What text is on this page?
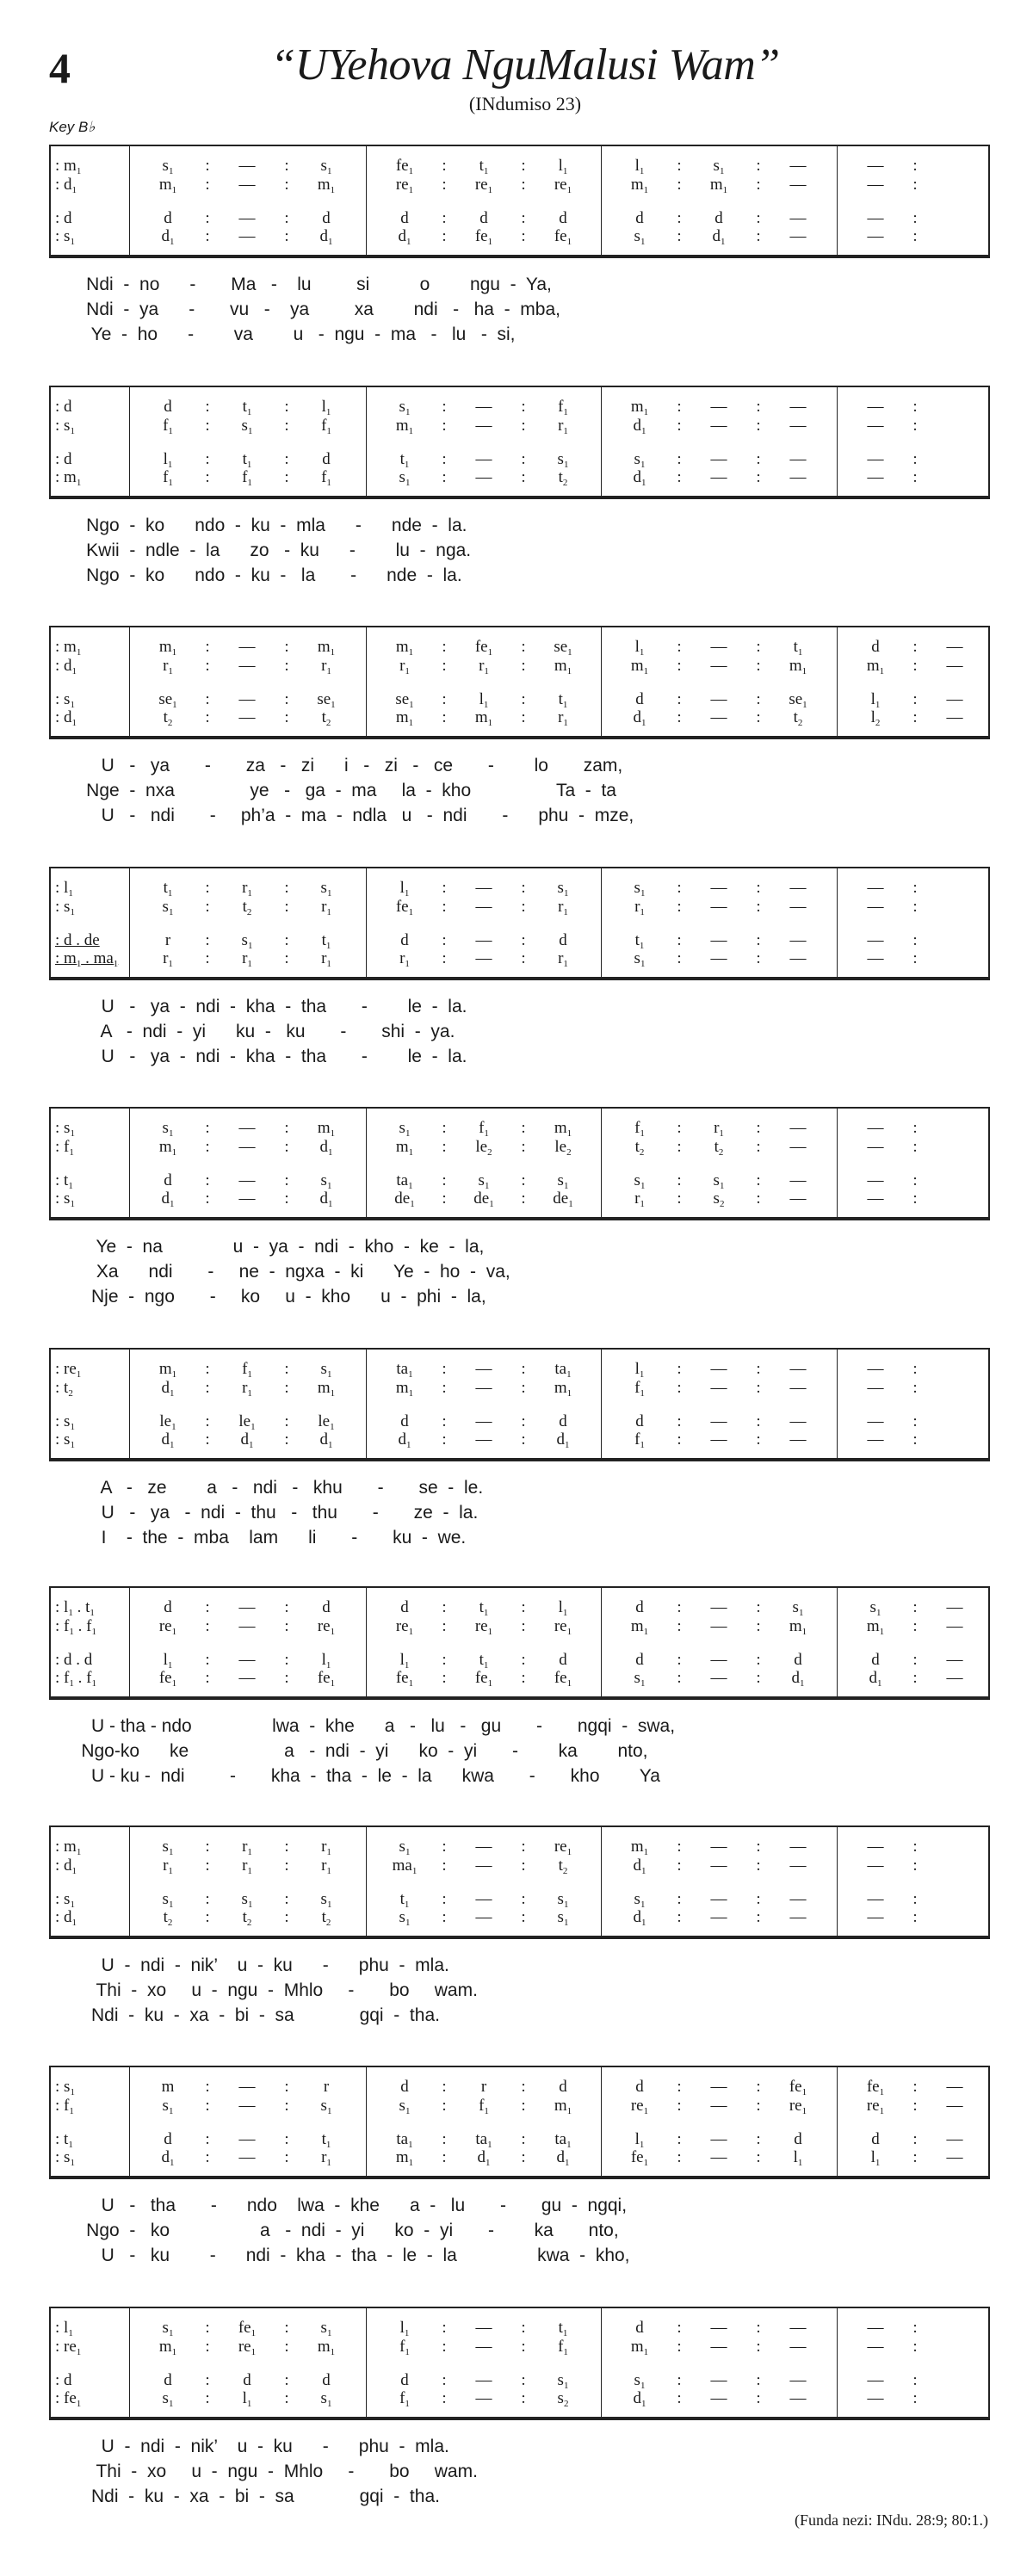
4	“UYehova NguMalusi Wam”
(INdumiso 23)
Key B♭
: $m_1$	$s_1$	:	—	:	$s_1$	$fe_1$	:	$t_1$	:	$l_1$	$l_1$	:	$s_1$	:	—	—	:
: $d_1$	$m_1$	:	—	:	$m_1$	$re_1$	:	$re_1$	:	$re_1$	$m_1$	:	$m_1$	:	—	—	:
: d	d	:	—	:	d	d	:	d	:	d	d	:	d	:	—	—	:
: $s_1$	$d_1$	:	—	:	$d_1$	$d_1$	:	$fe_1$	:	$fe_1$	$s_1$	:	$d_1$	:	—	—	:
Ndi  -  no      -       Ma   -    lu         si          o        ngu  -  Ya,
Ndi  -  ya      -       vu   -    ya         xa        ndi   -   ha  -  mba,
Ye  -  ho      -        va        u   -  ngu  -  ma   -   lu   -  si,
: d	d	:	$t_1$	:	$l_1$	$s_1$	:	—	:	$f_1$	$m_1$	:	—	:	—	—	:
: $s_1$	$f_1$	:	$s_1$	:	$f_1$	$m_1$	:	—	:	$r_1$	$d_1$	:	—	:	—	—	:
: d	$l_1$	:	$t_1$	:	d	$t_1$	:	—	:	$s_1$	$s_1$	:	—	:	—	—	:
: $m_1$	$f_1$	:	$f_1$	:	$f_1$	$s_1$	:	—	:	$t_2$	$d_1$	:	—	:	—	—	:
Ngo  -  ko      ndo  -  ku  -  mla      -      nde  -  la.
Kwii  -  ndle  -  la      zo   -  ku      -        lu  -  nga.
Ngo  -  ko      ndo  -  ku  -   la       -      nde  -  la.
: $m_1$	$m_1$	:	—	:	$m_1$	$m_1$	:	$fe_1$	:	$se_1$	$l_1$	:	—	:	$t_1$	d	:	—
: $d_1$	$r_1$	:	—	:	$r_1$	$r_1$	:	$r_1$	:	$m_1$	$m_1$	:	—	:	$m_1$	$m_1$	:	—
: $s_1$	$se_1$	:	—	:	$se_1$	$se_1$	:	$l_1$	:	$t_1$	d	:	—	:	$se_1$	$l_1$	:	—
: $d_1$	$t_2$	:	—	:	$t_2$	$m_1$	:	$m_1$	:	$r_1$	$d_1$	:	—	:	$t_2$	$l_2$	:	—
U   -   ya       -       za   -   zi      i   -   zi   -   ce       -        lo       zam,
Nge  -  nxa               ye   -   ga  -  ma     la  -  kho                 Ta  -  ta
U   -   ndi       -     ph’a  -  ma  -  ndla   u   -  ndi       -      phu  -  mze,
: $l_1$	$t_1$	:	$r_1$	:	$s_1$	$l_1$	:	—	:	$s_1$	$s_1$	:	—	:	—	—	:
: $s_1$	$s_1$	:	$t_2$	:	$r_1$	$fe_1$	:	—	:	$r_1$	$r_1$	:	—	:	—	—	:
: d . de	r	:	$s_1$	:	$t_1$	d	:	—	:	d	$t_1$	:	—	:	—	—	:
: $m_1$ . $ma_1$	$r_1$	:	$r_1$	:	$r_1$	$r_1$	:	—	:	$r_1$	$s_1$	:	—	:	—	—	:
U   -   ya  -  ndi  -  kha  -  tha       -        le  -  la.
A   -  ndi  -  yi      ku  -   ku       -       shi  -  ya.
U   -   ya  -  ndi  -  kha  -  tha       -        le  -  la.
: $s_1$	$s_1$	:	—	:	$m_1$	$s_1$	:	$f_1$	:	$m_1$	$f_1$	:	$r_1$	:	—	—	:
: $f_1$	$m_1$	:	—	:	$d_1$	$m_1$	:	$le_2$	:	$le_2$	$t_2$	:	$t_2$	:	—	—	:
: $t_1$	d	:	—	:	$s_1$	$ta_1$	:	$s_1$	:	$s_1$	$s_1$	:	$s_1$	:	—	—	:
: $s_1$	$d_1$	:	—	:	$d_1$	$de_1$	:	$de_1$	:	$de_1$	$r_1$	:	$s_2$	:	—	—	:
Ye  -  na              u  -  ya  -  ndi  -  kho  -  ke  -  la,
Xa      ndi       -     ne  -  ngxa  -  ki      Ye  -  ho  -  va,
Nje  -  ngo       -     ko     u  -  kho      u  -  phi  -  la,
: $re_1$	$m_1$	:	$f_1$	:	$s_1$	$ta_1$	:	—	:	$ta_1$	$l_1$	:	—	:	—	—	:
: $t_2$	$d_1$	:	$r_1$	:	$m_1$	$m_1$	:	—	:	$m_1$	$f_1$	:	—	:	—	—	:
: $s_1$	$le_1$	:	$le_1$	:	$le_1$	d	:	—	:	d	d	:	—	:	—	—	:
: $s_1$	$d_1$	:	$d_1$	:	$d_1$	$d_1$	:	—	:	$d_1$	$f_1$	:	—	:	—	—	:
A   -   ze        a   -   ndi   -   khu       -       se  -  le.
U   -   ya   -  ndi  -  thu   -   thu       -       ze  -  la.
I    -  the  -  mba    lam      li       -       ku  -  we.
: $l_1$ . $t_1$	d	:	—	:	d	d	:	$t_1$	:	$l_1$	d	:	—	:	$s_1$	$s_1$	:	—
: $f_1$ . $f_1$	$re_1$	:	—	:	$re_1$	$re_1$	:	$re_1$	:	$re_1$	$m_1$	:	—	:	$m_1$	$m_1$	:	—
: d . d	$l_1$	:	—	:	$l_1$	$l_1$	:	$t_1$	:	d	d	:	—	:	d	d	:	—
: $f_1$ . $f_1$	$fe_1$	:	—	:	$fe_1$	$fe_1$	:	$fe_1$	:	$fe_1$	$s_1$	:	—	:	$d_1$	$d_1$	:	—
U - tha - ndo                lwa  -  khe      a   -   lu   -   gu       -       ngqi  -  swa,
Ngo-ko      ke                   a   -  ndi  -  yi      ko  -  yi       -        ka        nto,
U - ku -  ndi         -       kha  -  tha  -  le  -  la      kwa       -       kho        Ya
: $m_1$	$s_1$	:	$r_1$	:	$r_1$	$s_1$	:	—	:	$re_1$	$m_1$	:	—	:	—	—	:
: $d_1$	$r_1$	:	$r_1$	:	$r_1$	$ma_1$	:	—	:	$t_2$	$d_1$	:	—	:	—	—	:
: $s_1$	$s_1$	:	$s_1$	:	$s_1$	$t_1$	:	—	:	$s_1$	$s_1$	:	—	:	—	—	:
: $d_1$	$t_2$	:	$t_2$	:	$t_2$	$s_1$	:	—	:	$s_1$	$d_1$	:	—	:	—	—	:
U  -  ndi  -  nik’    u  -  ku      -      phu  -  mla.
Thi  -  xo     u  -  ngu  -  Mhlo     -       bo     wam.
Ndi  -  ku  -  xa  -  bi  -  sa             gqi  -  tha.
: $s_1$	m	:	—	:	r	d	:	r	:	d	d	:	—	:	$fe_1$	$fe_1$	:	—
: $f_1$	$s_1$	:	—	:	$s_1$	$s_1$	:	$f_1$	:	$m_1$	$re_1$	:	—	:	$re_1$	$re_1$	:	—
: $t_1$	d	:	—	:	$t_1$	$ta_1$	:	$ta_1$	:	$ta_1$	$l_1$	:	—	:	d	d	:	—
: $s_1$	$d_1$	:	—	:	$r_1$	$m_1$	:	$d_1$	:	$d_1$	$fe_1$	:	—	:	$l_1$	$l_1$	:	—
U   -   tha       -      ndo    lwa  -  khe      a  -   lu       -       gu  -  ngqi,
Ngo  -   ko                  a   -  ndi  -  yi      ko  -  yi       -        ka       nto,
U   -   ku        -      ndi  -  kha  -  tha  -  le  -  la                kwa  -  kho,
: $l_1$	$s_1$	:	$fe_1$	:	$s_1$	$l_1$	:	—	:	$t_1$	d	:	—	:	—	—	:
: $re_1$	$m_1$	:	$re_1$	:	$m_1$	$f_1$	:	—	:	$f_1$	$m_1$	:	—	:	—	—	:
: d	d	:	d	:	d	d	:	—	:	$s_1$	$s_1$	:	—	:	—	—	:
: $fe_1$	$s_1$	:	$l_1$	:	$s_1$	$f_1$	:	—	:	$s_2$	$d_1$	:	—	:	—	—	:
U  -  ndi  -  nik’    u  -  ku      -      phu  -  mla.
Thi  -  xo     u  -  ngu  -  Mhlo     -       bo     wam.
Ndi  -  ku  -  xa  -  bi  -  sa             gqi  -  tha.
(Funda nezi: INdu. 28:9; 80:1.)
